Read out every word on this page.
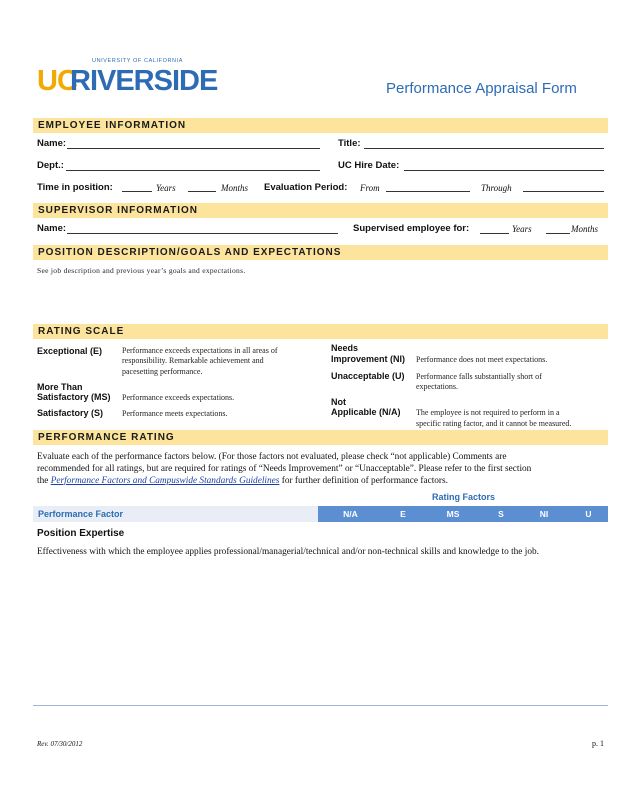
UNIVERSITY OF CALIFORNIA
UC
RIVERSIDE	Performance Appraisal Form
EMPLOYEE INFORMATION
Name:	Title:
Dept.:	UC Hire Date:
Time in position:	Years	Months Evaluation Period: From	Through
SUPERVISOR INFORMATION
Name:	Supervised employee for:	Years	Months
POSITION DESCRIPTION/GOALS AND EXPECTATIONS
See job description and previous year’s goals and expectations.
RATING SCALE
Exceptional (E) Performance exceeds expectations in all areas of
responsibility. Remarkable achievement and
pacesetting performance.
More Than
Satisfactory (MS) Performance exceeds expectations.
Satisfactory (S) Performance meets expectations.
Needs
Improvement (NI) Performance does not meet expectations.
Unacceptable (U) Performance falls substantially short of
expectations.
Not
Applicable (N/A) The employee is not required to perform in a
specific rating factor, and it cannot be measured.
PERFORMANCE RATING
Evaluate each of the performance factors below. (For those factors not evaluated, please check “not applicable) Comments are
recommended for all ratings, but are required for ratings of “Needs Improvement” or “Unacceptable”. Please refer to the first section
the Performance Factors and Campuswide Standards Guidelines for further definition of performance factors.
Rating Factors
Performance Factor	N/A	E	MS	S	NI	U
Position Expertise
Effectiveness with which the employee applies professional/managerial/technical and/or non-technical skills and knowledge to the job.
Rev. 07/30/2012	p. 1
